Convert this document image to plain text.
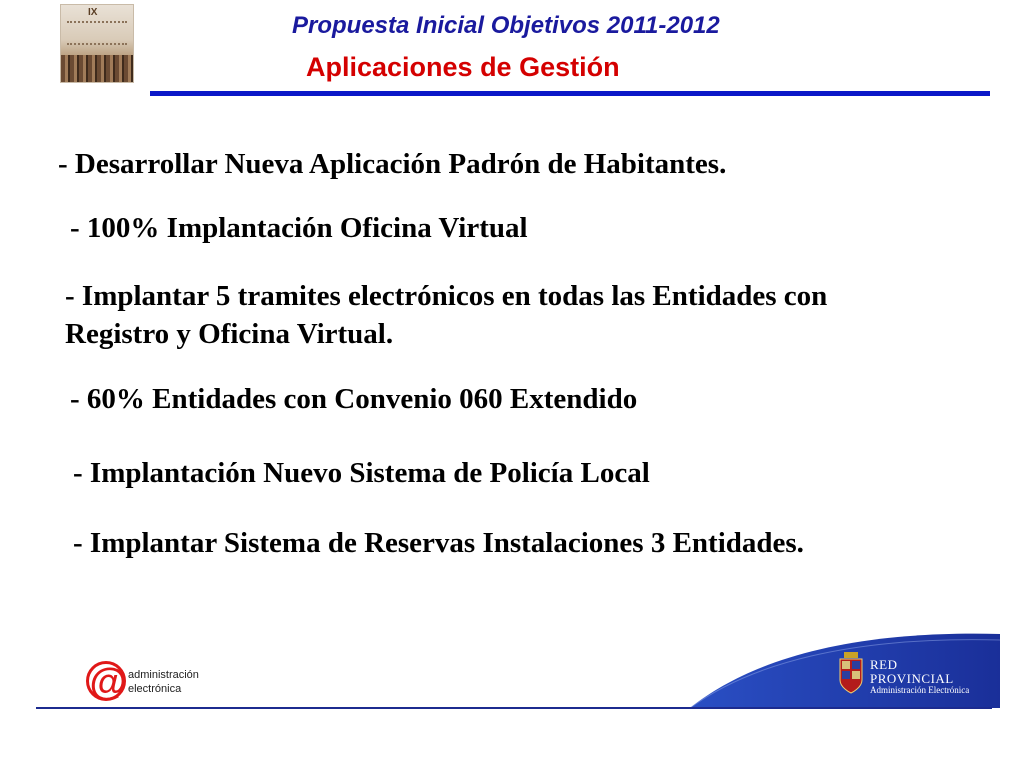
IX	Propuesta Inicial Objetivos 2011-2012
Aplicaciones de Gestión
- Desarrollar Nueva Aplicación Padrón de Habitantes.
- 100% Implantación Oficina Virtual
- Implantar 5 tramites electrónicos en todas las Entidades con
Registro y Oficina Virtual.
- 60% Entidades con Convenio 060 Extendido
- Implantación Nuevo Sistema de Policía Local
- Implantar Sistema de Reservas Instalaciones 3 Entidades.
@ administración
electrónica
RED
PROVINCIAL
Administración Electrónica
